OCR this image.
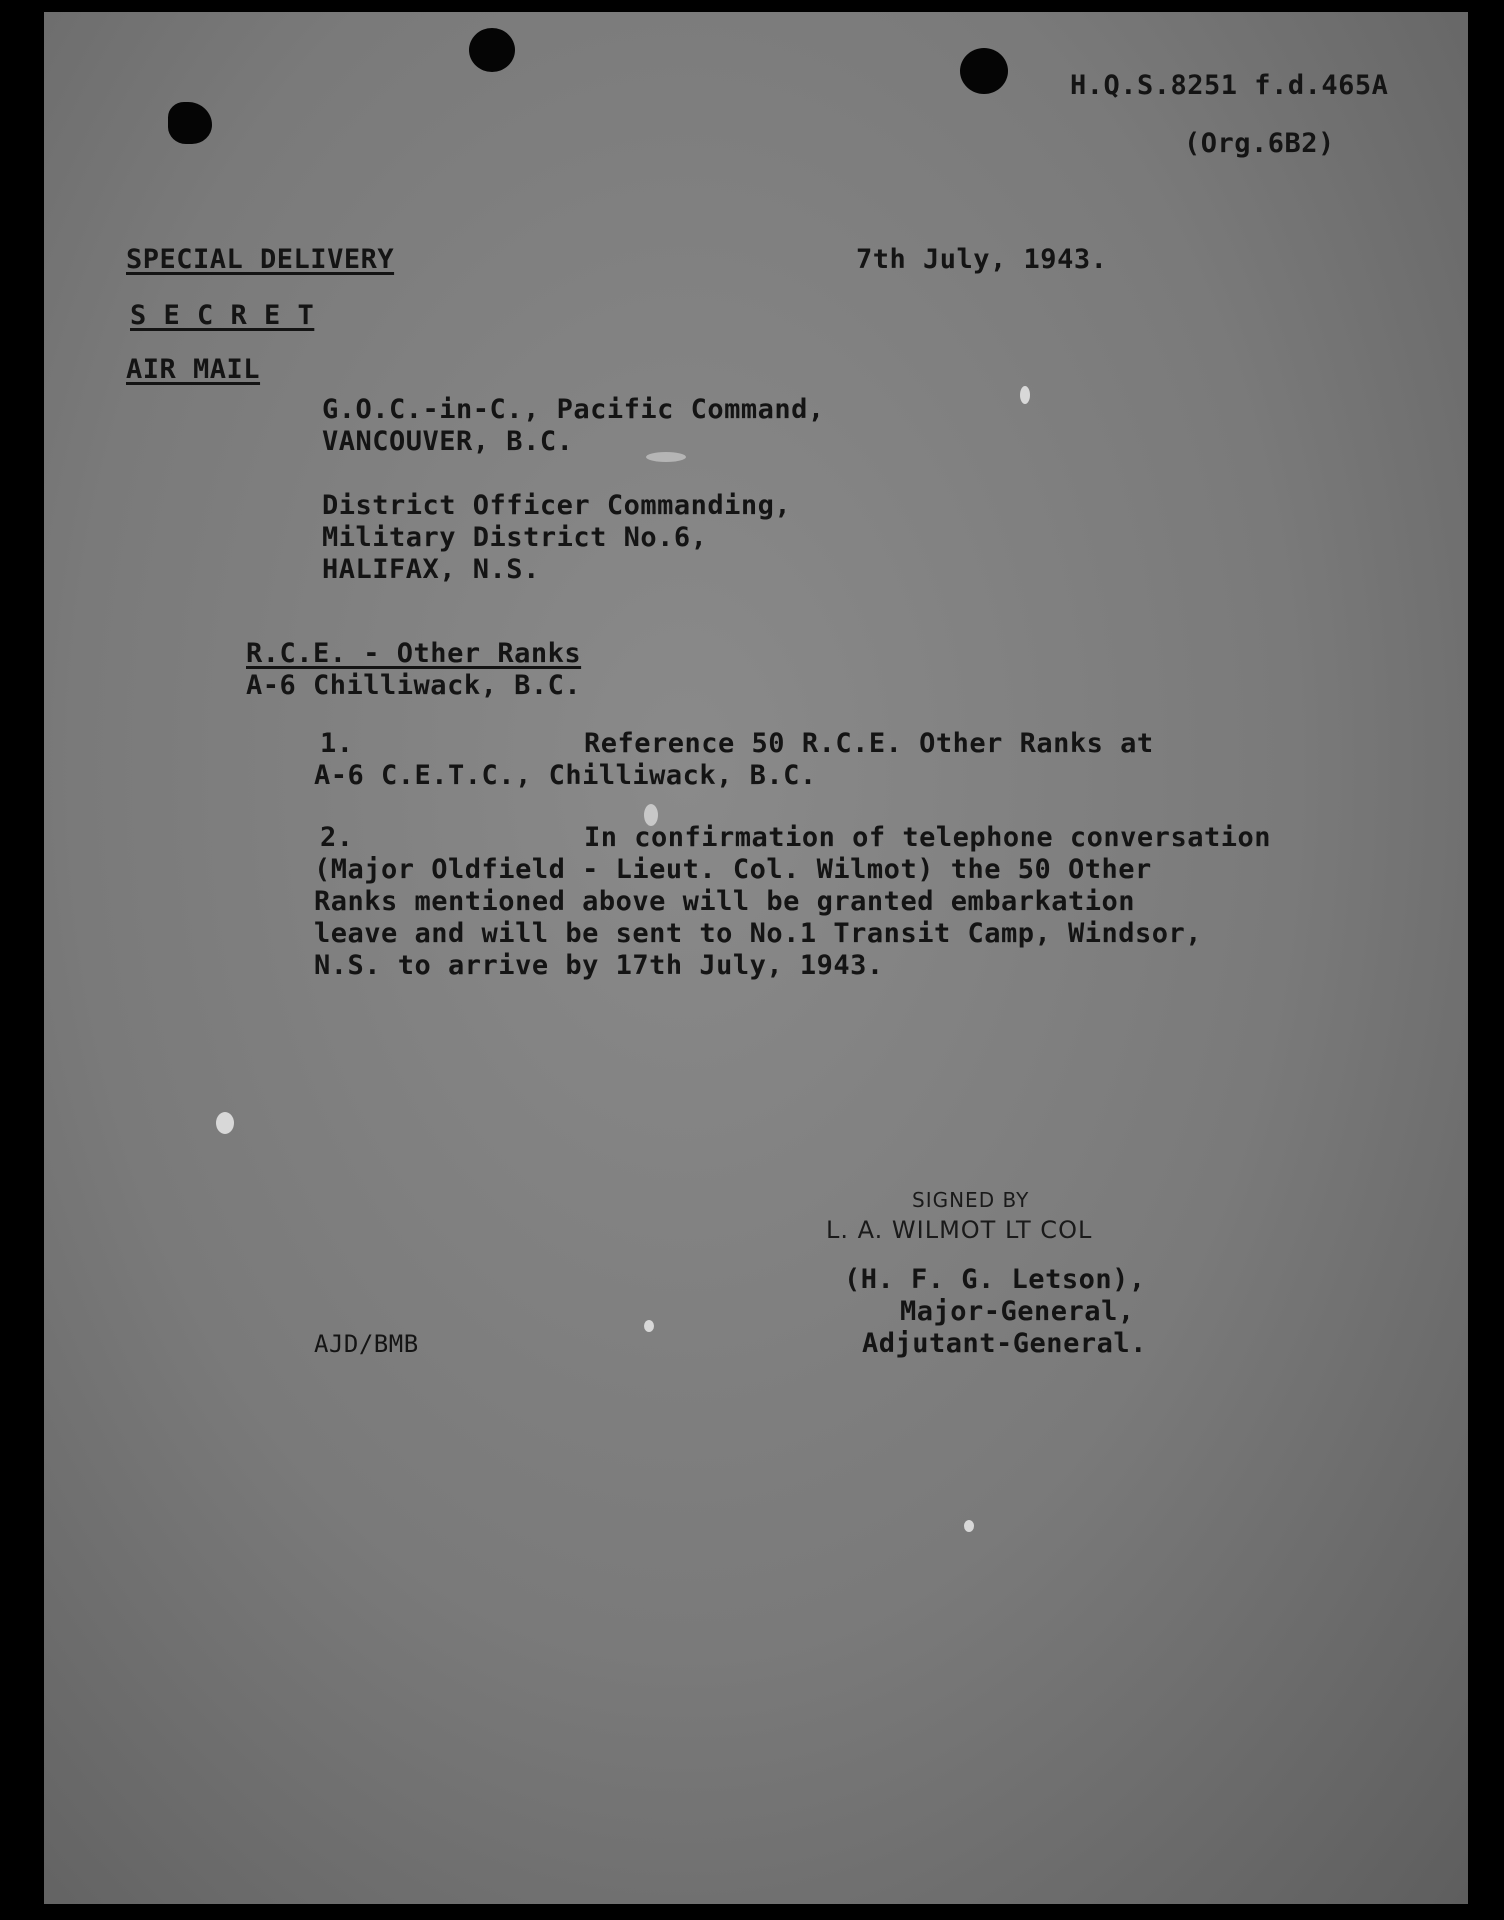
H.Q.S.8251 f.d.465A
(Org.6B2)
SPECIAL DELIVERY	7th July, 1943.
S E C R E T
AIR MAIL
G.O.C.-in-C., Pacific Command,
VANCOUVER, B.C.
District Officer Commanding,
Military District No.6,
HALIFAX, N.S.
R.C.E. - Other Ranks
A-6 Chilliwack, B.C.
1.	Reference 50 R.C.E. Other Ranks at
A-6 C.E.T.C., Chilliwack, B.C.
2.	In confirmation of telephone conversation
(Major Oldfield - Lieut. Col. Wilmot) the 50 Other
Ranks mentioned above will be granted embarkation
leave and will be sent to No.1 Transit Camp, Windsor,
N.S. to arrive by 17th July, 1943.
SIGNED BY
L. A. WILMOT LT COL
(H. F. G. Letson),
Major-General,
Adjutant-General.
AJD/BMB
